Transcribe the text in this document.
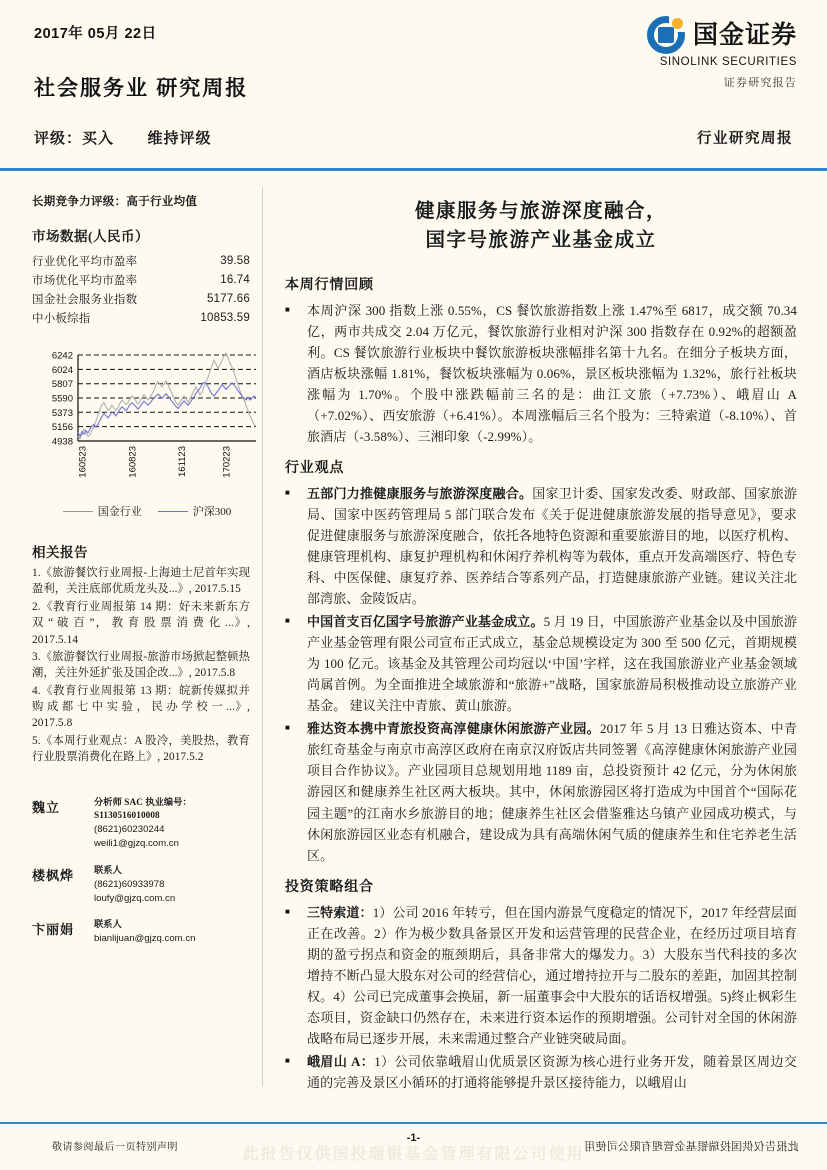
2017年 05月 22日
社会服务业 研究周报
国金证券
SINOLINK SECURITIES
证券研究报告
评级：买入 维持评级	行业研究周报
长期竞争力评级：高于行业均值
市场数据(人民币）
行业优化平均市盈率	39.58
市场优化平均市盈率	16.74
国金社会服务业指数	5177.66
中小板综指	10853.59
6242
6024
5807
5590
5373
5156
4938
160523	160823	161123	170223
国金行业	沪深300
相关报告
1.《旅游餐饮行业周报-上海迪士尼首年实现盈利，关注底部优质龙头及...》, 2017.5.15
2.《教育行业周报第 14 期：好未来新东方双 “ 破 百 ”， 教 育 股 票 消 费 化 ...》, 2017.5.14
3.《旅游餐饮行业周报-旅游市场掀起整顿热潮，关注外延扩张及国企改...》, 2017.5.8
4.《教育行业周报第 13 期：皖新传媒拟并购 成 都 七 中 实 验 ， 民 办 学 校 一 ...》, 2017.5.8
5.《本周行业观点：A 股冷，美股热，教育行业股票消费化在路上》, 2017.5.2
魏立	分析师 SAC 执业编号：S1130516010008
(8621)60230244
weili1@gjzq.com.cn
楼枫烨	联系人
(8621)60933978
loufy@gjzq.com.cn
卞丽娟	联系人
bianlijuan@gjzq.com.cn
健康服务与旅游深度融合，
国字号旅游产业基金成立
本周行情回顾
■
本周沪深 300 指数上涨 0.55%，CS 餐饮旅游指数上涨 1.47%至 6817，成交额 70.34 亿，两市共成交 2.04 万亿元，餐饮旅游行业相对沪深 300 指数存在 0.92%的超额盈利。CS 餐饮旅游行业板块中餐饮旅游板块涨幅排名第十九名。在细分子板块方面，酒店板块涨幅 1.81%，餐饮板块涨幅为 0.06%，景区板块涨幅为 1.32%，旅行社板块涨幅为 1.70%。个股中涨跌幅前三名的是：曲江文旅（+7.73%）、峨眉山 A（+7.02%）、西安旅游（+6.41%）。本周涨幅后三名个股为：三特索道（-8.10%）、首旅酒店（-3.58%）、三湘印象（-2.99%）。
行业观点
■
五部门力推健康服务与旅游深度融合。国家卫计委、国家发改委、财政部、国家旅游局、国家中医药管理局 5 部门联合发布《关于促进健康旅游发展的指导意见》，要求促进健康服务与旅游深度融合，依托各地特色资源和重要旅游目的地，以医疗机构、健康管理机构、康复护理机构和休闲疗养机构等为载体，重点开发高端医疗、特色专科、中医保健、康复疗养、医养结合等系列产品，打造健康旅游产业链。建议关注北部湾旅、金陵饭店。
■
中国首支百亿国字号旅游产业基金成立。5 月 19 日，中国旅游产业基金以及中国旅游产业基金管理有限公司宣布正式成立，基金总规模设定为 300 至 500 亿元，首期规模为 100 亿元。该基金及其管理公司均冠以‘中国’字样，这在我国旅游业产业基金领域尚属首例。为全面推进全域旅游和“旅游+”战略，国家旅游局积极推动设立旅游产业基金。 建议关注中青旅、黄山旅游。
■
雅达资本携中青旅投资高淳健康休闲旅游产业园。2017 年 5 月 13 日雅达资本、中青旅红奇基金与南京市高淳区政府在南京汉府饭店共同签署《高淳健康休闲旅游产业园项目合作协议》。产业园项目总规划用地 1189 亩，总投资预计 42 亿元，分为休闲旅游园区和健康养生社区两大板块。其中，休闲旅游园区将打造成为中国首个“国际花园主题”的江南水乡旅游目的地；健康养生社区会借鉴雅达乌镇产业园成功模式，与休闲旅游园区业态有机融合，建设成为具有高端休闲气质的健康养生和住宅养老生活区。
投资策略组合
■
三特索道：1）公司 2016 年转亏，但在国内游景气度稳定的情况下，2017 年经营层面正在改善。2）作为极少数具备景区开发和运营管理的民营企业，在经历过项目培育期的盈亏拐点和资金的瓶颈期后，具备非常大的爆发力。3）大股东当代科技的多次增持不断凸显大股东对公司的经营信心，通过增持拉开与二股东的差距，加固其控制权。4）公司已完成董事会换届，新一届董事会中大股东的话语权增强。5)终止枫彩生态项目，资金缺口仍然存在，未来进行资本运作的预期增强。公司针对全国的休闲游战略布局已逐步开展，未来需通过整合产业链突破局面。
■
峨眉山 A：1）公司依靠峨眉山优质景区资源为核心进行业务开发，随着景区周边交通的完善及景区小循环的打通将能够提升景区接待能力，以峨眉山
敬请参阅最后一页特别声明
-1-
此报告仅供国投瑞银基金管理有限公司使用
此报告仅供国投瑞银基金管理有限公司使用
